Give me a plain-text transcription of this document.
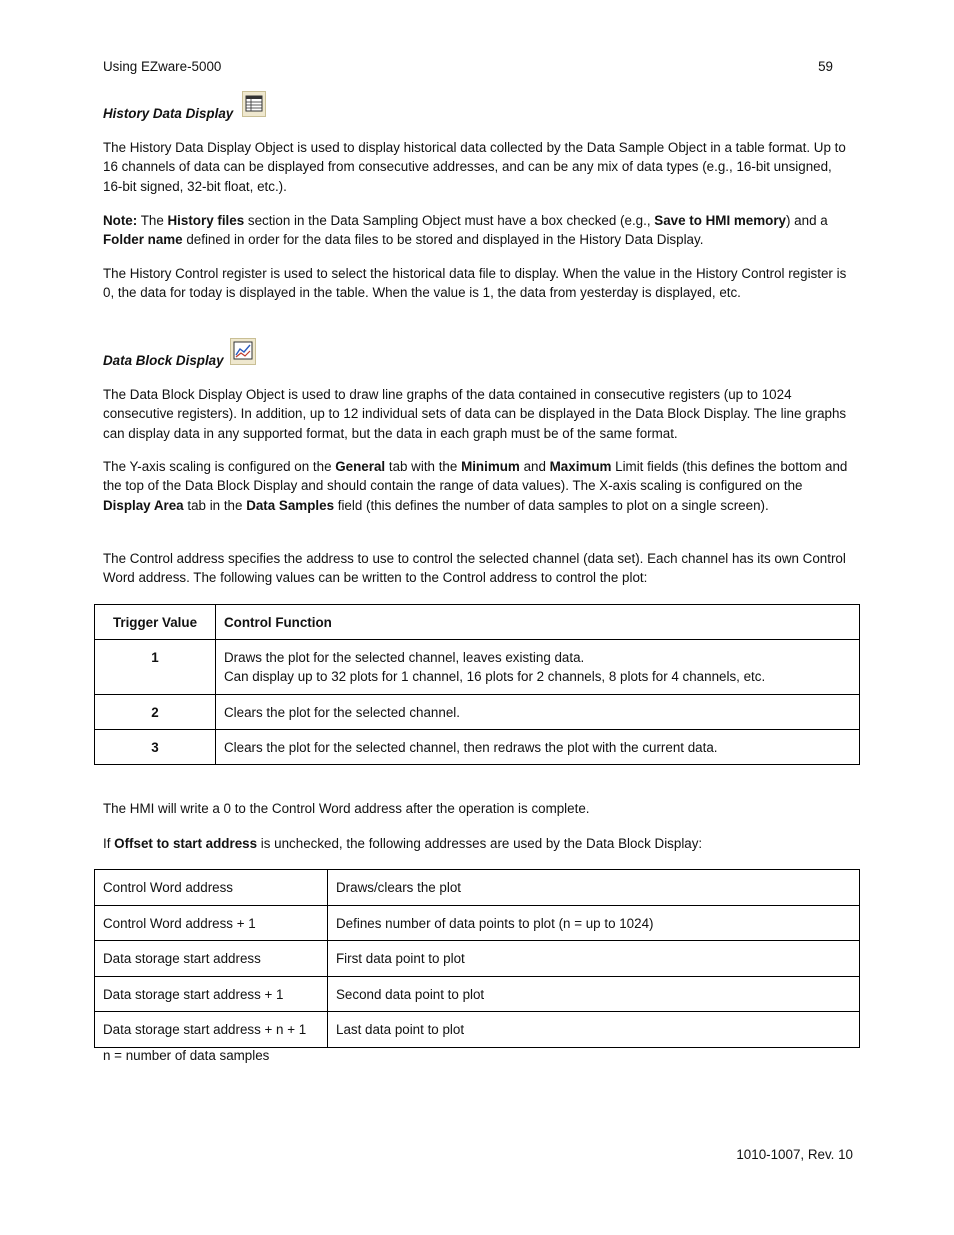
Using EZware-5000	59
History Data Display

The History Data Display Object is used to display historical data collected by the Data Sample Object in a table format. Up to 16 channels of data can be displayed from consecutive addresses, and can be any mix of data types (e.g., 16-bit unsigned, 16-bit signed, 32-bit float, etc.).

Note: The History files section in the Data Sampling Object must have a box checked (e.g., Save to HMI memory) and a Folder name defined in order for the data files to be stored and displayed in the History Data Display.

The History Control register is used to select the historical data file to display. When the value in the History Control register is 0, the data for today is displayed in the table. When the value is 1, the data from yesterday is displayed, etc.

Data Block Display

The Data Block Display Object is used to draw line graphs of the data contained in consecutive registers (up to 1024 consecutive registers). In addition, up to 12 individual sets of data can be displayed in the Data Block Display. The line graphs can display data in any supported format, but the data in each graph must be of the same format.

The Y-axis scaling is configured on the General tab with the Minimum and Maximum Limit fields (this defines the bottom and the top of the Data Block Display and should contain the range of data values). The X-axis scaling is configured on the Display Area tab in the Data Samples field (this defines the number of data samples to plot on a single screen).

The Control address specifies the address to use to control the selected channel (data set). Each channel has its own Control Word address. The following values can be written to the Control address to control the plot:

Trigger Value	Control Function
1	Draws the plot for the selected channel, leaves existing data.
Can display up to 32 plots for 1 channel, 16 plots for 2 channels, 8 plots for 4 channels, etc.

2	Clears the plot for the selected channel.
3	Clears the plot for the selected channel, then redraws the plot with the current data.

The HMI will write a 0 to the Control Word address after the operation is complete.

If Offset to start address is unchecked, the following addresses are used by the Data Block Display:

Control Word address	Draws/clears the plot
Control Word address + 1	Defines number of data points to plot (n = up to 1024)
Data storage start address	First data point to plot
Data storage start address + 1	Second data point to plot
Data storage start address + n + 1	Last data point to plot

n = number of data samples

1010-1007, Rev. 10
